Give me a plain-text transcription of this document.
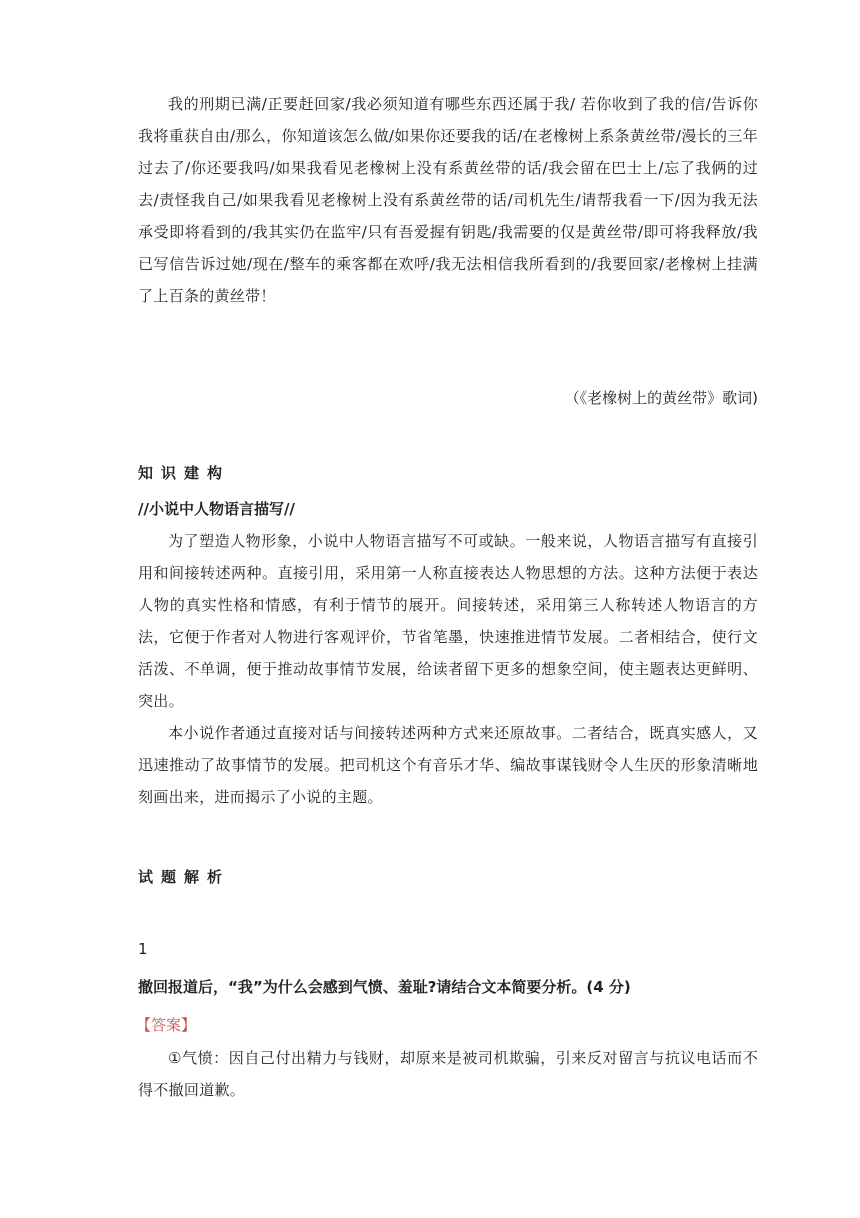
我的刑期已满/正要赶回家/我必须知道有哪些东西还属于我/ 若你收到了我的信/告诉你我将重获自由/那么，你知道该怎么做/如果你还要我的话/在老橡树上系条黄丝带/漫长的三年过去了/你还要我吗/如果我看见老橡树上没有系黄丝带的话/我会留在巴士上/忘了我俩的过去/责怪我自己/如果我看见老橡树上没有系黄丝带的话/司机先生/请帮我看一下/因为我无法承受即将看到的/我其实仍在监牢/只有吾爱握有钥匙/我需要的仅是黄丝带/即可将我释放/我已写信告诉过她/现在/整车的乘客都在欢呼/我无法相信我所看到的/我要回家/老橡树上挂满了上百条的黄丝带！

（《老橡树上的黄丝带》歌词)
知识建构
//小说中人物语言描写//

为了塑造人物形象，小说中人物语言描写不可或缺。一般来说，人物语言描写有直接引用和间接转述两种。直接引用，采用第一人称直接表达人物思想的方法。这种方法便于表达人物的真实性格和情感，有利于情节的展开。间接转述，采用第三人称转述人物语言的方法，它便于作者对人物进行客观评价，节省笔墨，快速推进情节发展。二者相结合，使行文活泼、不单调，便于推动故事情节发展，给读者留下更多的想象空间，使主题表达更鲜明、突出。

本小说作者通过直接对话与间接转述两种方式来还原故事。二者结合，既真实感人，又迅速推动了故事情节的发展。把司机这个有音乐才华、编故事谋钱财令人生厌的形象清晰地刻画出来，进而揭示了小说的主题。

试题解析
1
撤回报道后，“我”为什么会感到气愤、羞耻?请结合文本简要分析。(4 分)
【答案】

①气愤：因自己付出精力与钱财，却原来是被司机欺骗，引来反对留言与抗议电话而不得不撤回道歉。
